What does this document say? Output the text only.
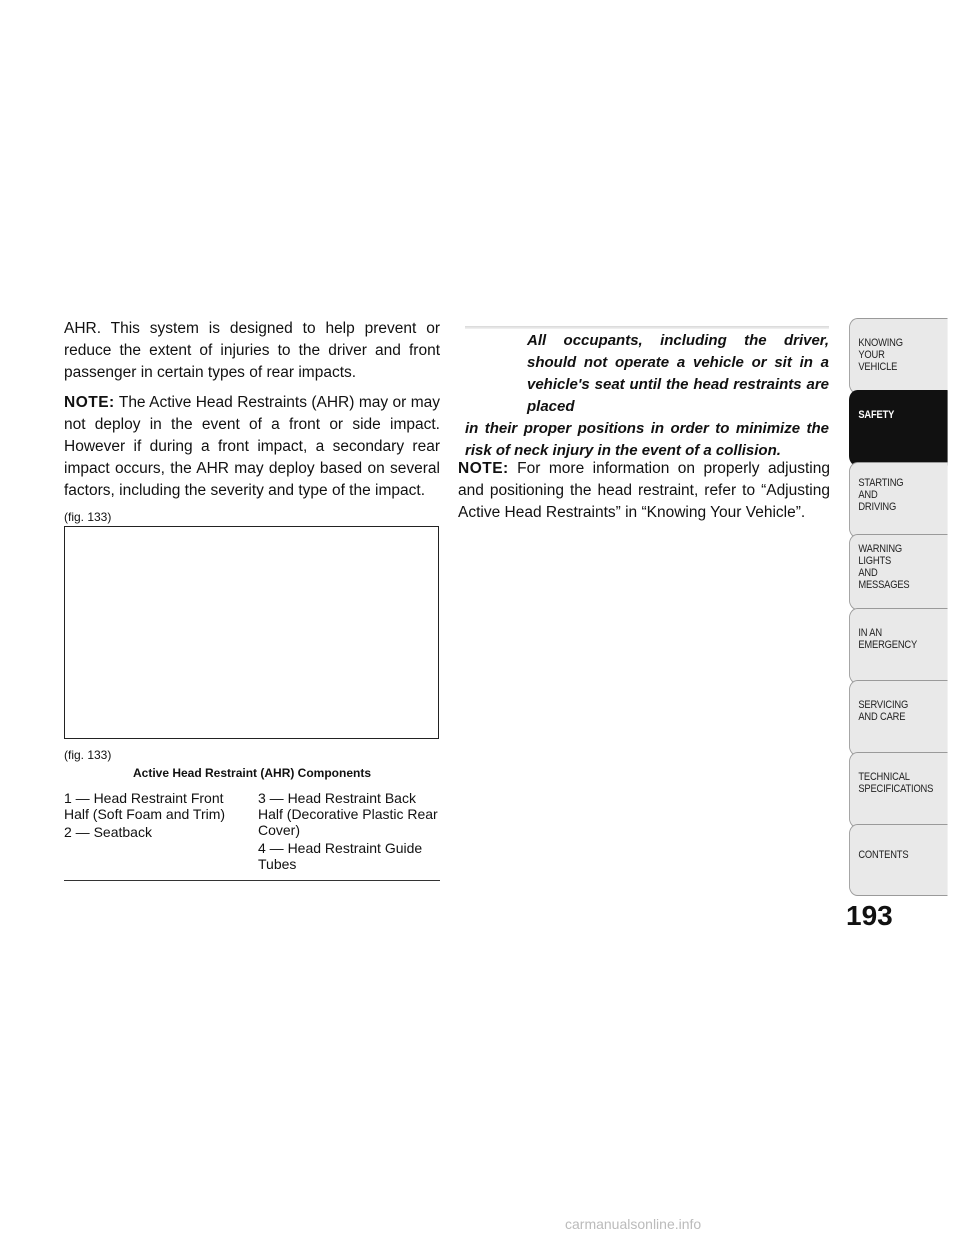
AHR. This system is designed to help prevent or reduce the extent of injuries to the driver and front passenger in certain types of rear impacts.

NOTE: The Active Head Restraints (AHR) may or may not deploy in the event of a front or side impact. However if during a front impact, a secondary rear impact occurs, the AHR may deploy based on several factors, including the severity and type of the impact.

(fig. 133)
(fig. 133)
Active Head Restraint (AHR) Components
1 — Head Restraint Front Half (Soft Foam and Trim)
2 — Seatback
3 — Head Restraint Back Half (Decorative Plastic Rear Cover)
4 — Head Restraint Guide Tubes
All occupants, including the driver, should not operate a vehicle or sit in a vehicle's seat until the head restraints are placed
in their proper positions in order to minimize the risk of neck injury in the event of a collision.

NOTE: For more information on properly adjusting and positioning the head restraint, refer to “Adjusting Active Head Restraints” in “Knowing Your Vehicle”.

KNOWING
YOUR
VEHICLE
SAFETY
STARTING
AND
DRIVING
WARNING
LIGHTS
AND
MESSAGES
IN AN
EMERGENCY
SERVICING
AND CARE
TECHNICAL
SPECIFICATIONS
CONTENTS
193
carmanualsonline.info
